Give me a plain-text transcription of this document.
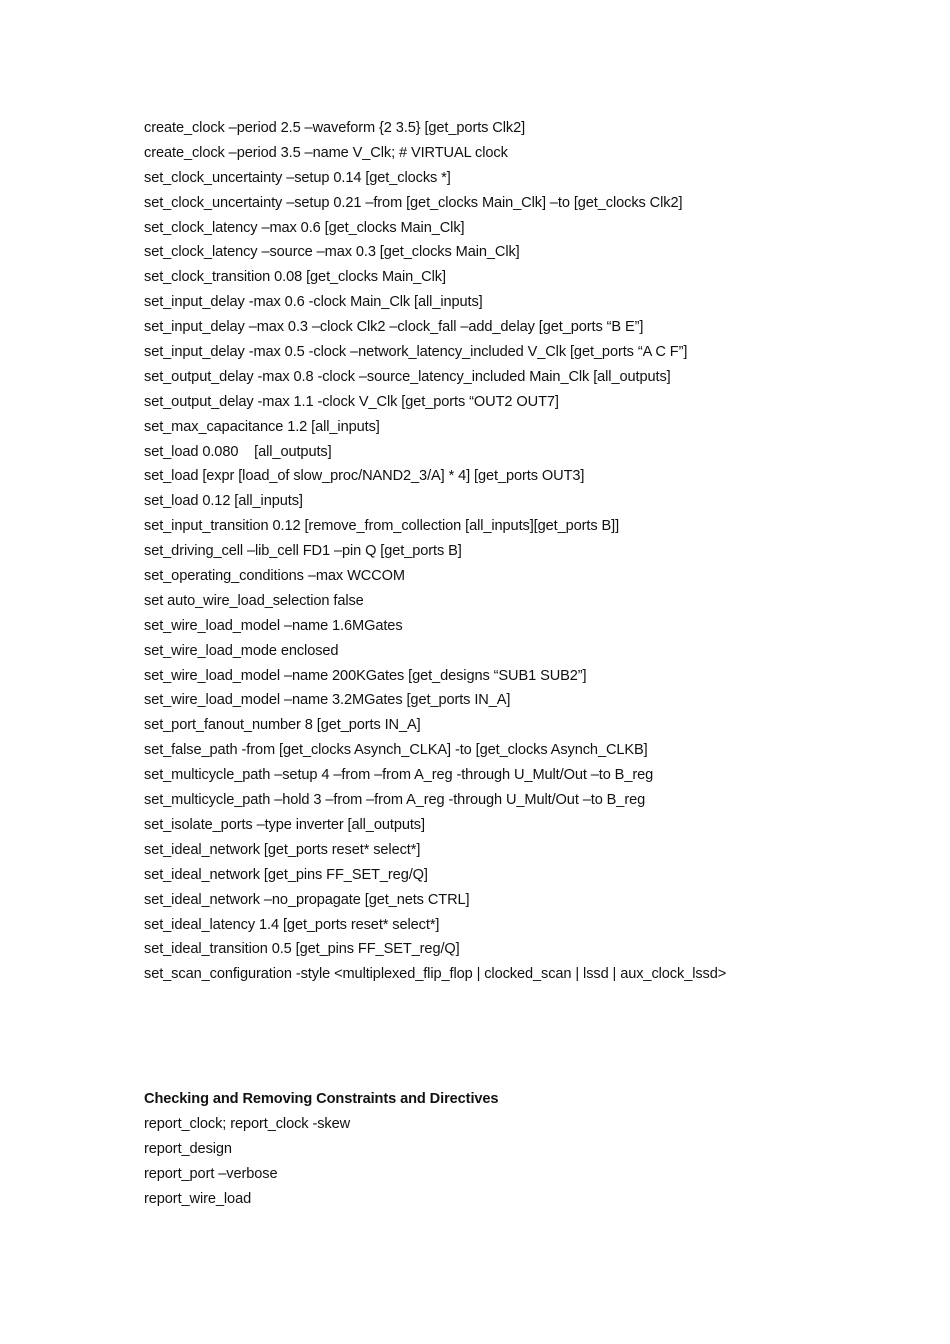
create_clock –period 2.5 –waveform {2 3.5} [get_ports Clk2]
create_clock –period 3.5 –name V_Clk; # VIRTUAL clock
set_clock_uncertainty –setup 0.14 [get_clocks *]
set_clock_uncertainty –setup 0.21 –from [get_clocks Main_Clk] –to [get_clocks Clk2]
set_clock_latency –max 0.6 [get_clocks Main_Clk]
set_clock_latency –source –max 0.3 [get_clocks Main_Clk]
set_clock_transition 0.08 [get_clocks Main_Clk]
set_input_delay -max 0.6 -clock Main_Clk [all_inputs]
set_input_delay –max 0.3 –clock Clk2 –clock_fall –add_delay [get_ports “B E”]
set_input_delay -max 0.5 -clock –network_latency_included V_Clk [get_ports “A C F”]
set_output_delay -max 0.8 -clock –source_latency_included Main_Clk [all_outputs]
set_output_delay -max 1.1 -clock V_Clk [get_ports “OUT2 OUT7]
set_max_capacitance 1.2 [all_inputs]
set_load 0.080    [all_outputs]
set_load [expr [load_of slow_proc/NAND2_3/A] * 4] [get_ports OUT3]
set_load 0.12 [all_inputs]
set_input_transition 0.12 [remove_from_collection [all_inputs][get_ports B]]
set_driving_cell –lib_cell FD1 –pin Q [get_ports B]
set_operating_conditions –max WCCOM
set auto_wire_load_selection false
set_wire_load_model –name 1.6MGates
set_wire_load_mode enclosed
set_wire_load_model –name 200KGates [get_designs “SUB1 SUB2”]
set_wire_load_model –name 3.2MGates [get_ports IN_A]
set_port_fanout_number 8 [get_ports IN_A]
set_false_path -from [get_clocks Asynch_CLKA] -to [get_clocks Asynch_CLKB]
set_multicycle_path –setup 4 –from –from A_reg -through U_Mult/Out –to B_reg
set_multicycle_path –hold 3 –from –from A_reg -through U_Mult/Out –to B_reg
set_isolate_ports –type inverter [all_outputs]
set_ideal_network [get_ports reset* select*]
set_ideal_network [get_pins FF_SET_reg/Q]
set_ideal_network –no_propagate [get_nets CTRL]
set_ideal_latency 1.4 [get_ports reset* select*]
set_ideal_transition 0.5 [get_pins FF_SET_reg/Q]
set_scan_configuration -style <multiplexed_flip_flop | clocked_scan | lssd | aux_clock_lssd>
Checking and Removing Constraints and Directives
report_clock; report_clock -skew
report_design
report_port –verbose
report_wire_load
